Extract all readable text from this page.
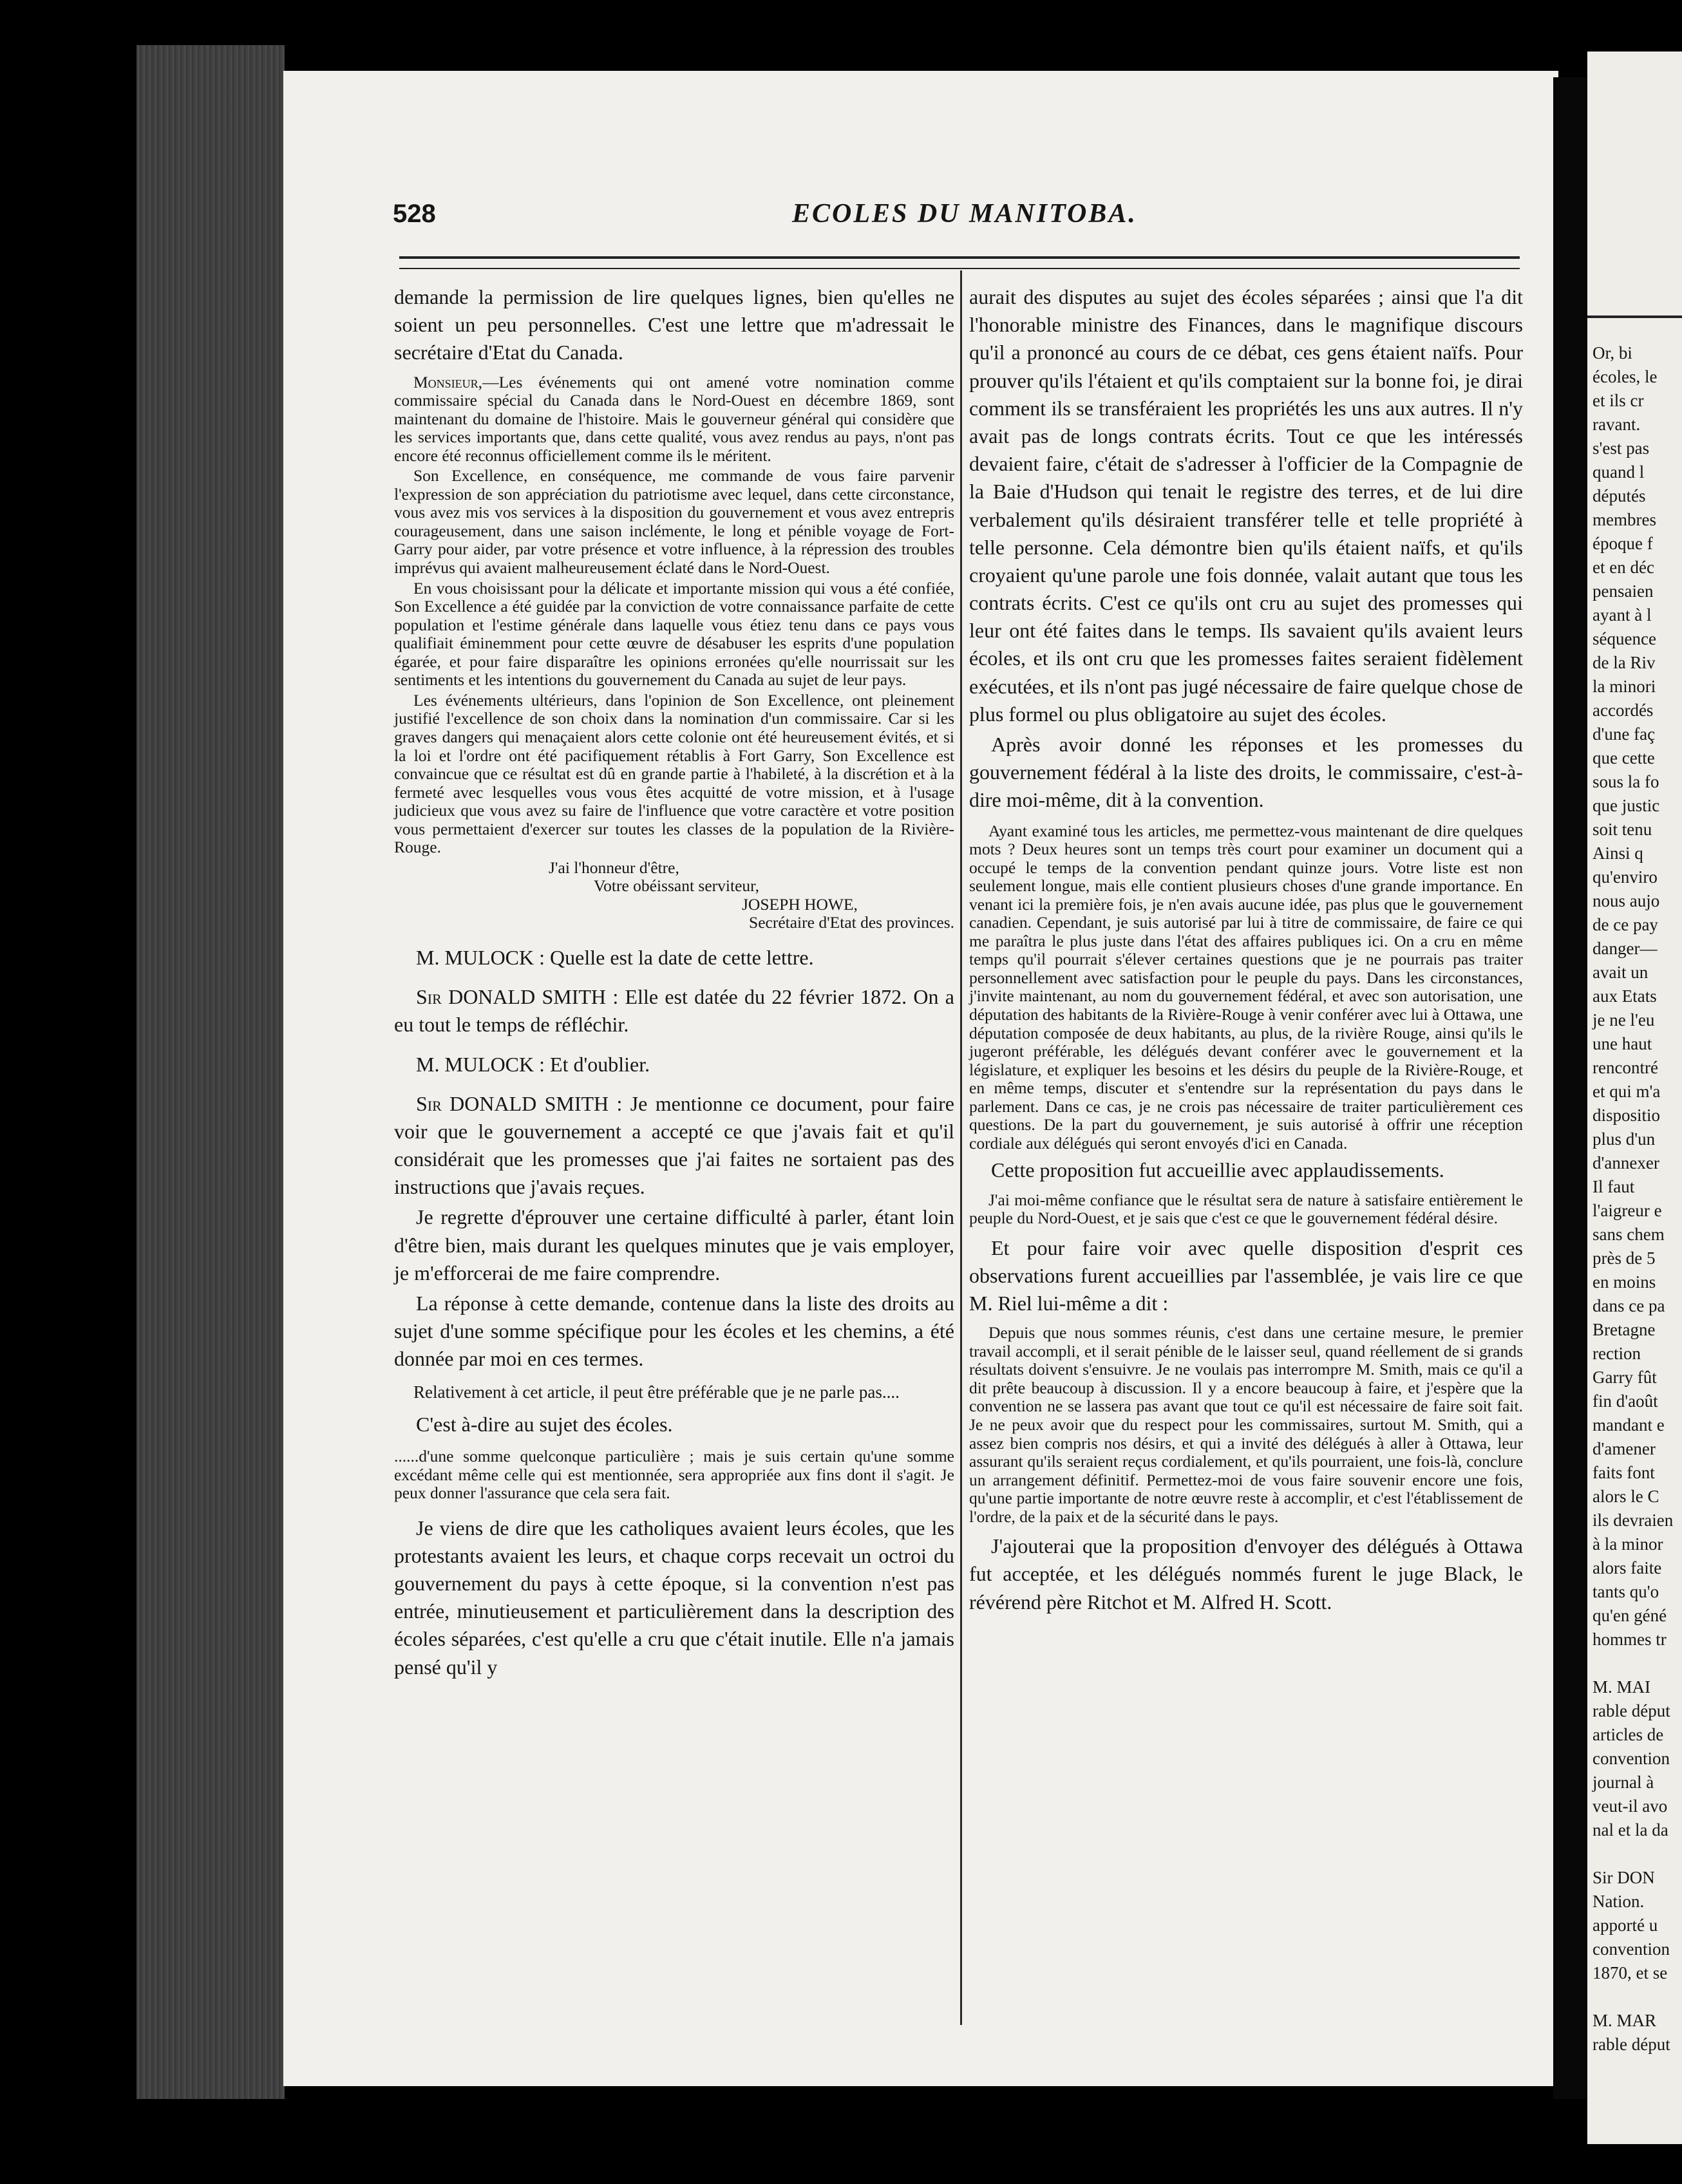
Or, bi
écoles, le
et ils cr
ravant.
s'est pas
quand l
députés
membres
époque f
et en déc
pensaien
ayant à l
séquence
de la Riv
la minori
accordés
d'une faç
que cette
sous la fo
que justic
soit tenu
Ainsi q
qu'enviro
nous aujo
de ce pay
danger—
avait un
aux Etats
je ne l'eu
une haut
rencontré
et qui m'a
dispositio
plus d'un
d'annexer
Il faut
l'aigreur e
sans chem
près de 5
en moins
dans ce pa
Bretagne
rection
Garry fût
fin d'août
mandant e
d'amener
faits font
alors le C
ils devraien
à la minor
alors faite
tants qu'o
qu'en géné
hommes tr
M. MAI
rable déput
articles de
convention
journal à
veut-il avo
nal et la da
Sir DON
Nation.
apporté u
convention
1870, et se
M. MAR
rable déput
528	ECOLES DU MANITOBA.

demande la permission de lire quelques lignes, bien qu'elles ne soient un peu personnelles. C'est une lettre que m'adressait le secrétaire d'Etat du Canada.

Monsieur,—Les événements qui ont amené votre nomination comme commissaire spécial du Canada dans le Nord-Ouest en décembre 1869, sont maintenant du domaine de l'histoire. Mais le gouverneur général qui considère que les services importants que, dans cette qualité, vous avez rendus au pays, n'ont pas encore été reconnus officiellement comme ils le méritent.

Son Excellence, en conséquence, me commande de vous faire parvenir l'expression de son appréciation du patriotisme avec lequel, dans cette circonstance, vous avez mis vos services à la disposition du gouvernement et vous avez entrepris courageusement, dans une saison inclémente, le long et pénible voyage de Fort-Garry pour aider, par votre présence et votre influence, à la répression des troubles imprévus qui avaient malheureusement éclaté dans le Nord-Ouest.

En vous choisissant pour la délicate et importante mission qui vous a été confiée, Son Excellence a été guidée par la conviction de votre connaissance parfaite de cette population et l'estime générale dans laquelle vous étiez tenu dans ce pays vous qualifiait éminemment pour cette œuvre de désabuser les esprits d'une population égarée, et pour faire disparaître les opinions erronées qu'elle nourrissait sur les sentiments et les intentions du gouvernement du Canada au sujet de leur pays.

Les événements ultérieurs, dans l'opinion de Son Excellence, ont pleinement justifié l'excellence de son choix dans la nomination d'un commissaire. Car si les graves dangers qui menaçaient alors cette colonie ont été heureusement évités, et si la loi et l'ordre ont été pacifiquement rétablis à Fort Garry, Son Excellence est convaincue que ce résultat est dû en grande partie à l'habileté, à la discrétion et à la fermeté avec lesquelles vous vous êtes acquitté de votre mission, et à l'usage judicieux que vous avez su faire de l'influence que votre caractère et votre position vous permettaient d'exercer sur toutes les classes de la population de la Rivière-Rouge.

J'ai l'honneur d'être,
Votre obéissant serviteur,
JOSEPH HOWE,
Secrétaire d'Etat des provinces.

M. MULOCK : Quelle est la date de cette lettre.

Sir DONALD SMITH : Elle est datée du 22 février 1872. On a eu tout le temps de réfléchir.

M. MULOCK : Et d'oublier.

Sir DONALD SMITH : Je mentionne ce document, pour faire voir que le gouvernement a accepté ce que j'avais fait et qu'il considérait que les promesses que j'ai faites ne sortaient pas des instructions que j'avais reçues.

Je regrette d'éprouver une certaine difficulté à parler, étant loin d'être bien, mais durant les quelques minutes que je vais employer, je m'efforcerai de me faire comprendre.

La réponse à cette demande, contenue dans la liste des droits au sujet d'une somme spécifique pour les écoles et les chemins, a été donnée par moi en ces termes.

Relativement à cet article, il peut être préférable que je ne parle pas....

C'est à-dire au sujet des écoles.

......d'une somme quelconque particulière ; mais je suis certain qu'une somme excédant même celle qui est mentionnée, sera appropriée aux fins dont il s'agit. Je peux donner l'assurance que cela sera fait.

Je viens de dire que les catholiques avaient leurs écoles, que les protestants avaient les leurs, et chaque corps recevait un octroi du gouvernement du pays à cette époque, si la convention n'est pas entrée, minutieusement et particulièrement dans la description des écoles séparées, c'est qu'elle a cru que c'était inutile. Elle n'a jamais pensé qu'il y

aurait des disputes au sujet des écoles séparées ; ainsi que l'a dit l'honorable ministre des Finances, dans le magnifique discours qu'il a prononcé au cours de ce débat, ces gens étaient naïfs. Pour prouver qu'ils l'étaient et qu'ils comptaient sur la bonne foi, je dirai comment ils se transféraient les propriétés les uns aux autres. Il n'y avait pas de longs contrats écrits. Tout ce que les intéressés devaient faire, c'était de s'adresser à l'officier de la Compagnie de la Baie d'Hudson qui tenait le registre des terres, et de lui dire verbalement qu'ils désiraient transférer telle et telle propriété à telle personne. Cela démontre bien qu'ils étaient naïfs, et qu'ils croyaient qu'une parole une fois donnée, valait autant que tous les contrats écrits. C'est ce qu'ils ont cru au sujet des promesses qui leur ont été faites dans le temps. Ils savaient qu'ils avaient leurs écoles, et ils ont cru que les promesses faites seraient fidèlement exécutées, et ils n'ont pas jugé nécessaire de faire quelque chose de plus formel ou plus obligatoire au sujet des écoles.

Après avoir donné les réponses et les promesses du gouvernement fédéral à la liste des droits, le commissaire, c'est-à-dire moi-même, dit à la convention.

Ayant examiné tous les articles, me permettez-vous maintenant de dire quelques mots ? Deux heures sont un temps très court pour examiner un document qui a occupé le temps de la convention pendant quinze jours. Votre liste est non seulement longue, mais elle contient plusieurs choses d'une grande importance. En venant ici la première fois, je n'en avais aucune idée, pas plus que le gouvernement canadien. Cependant, je suis autorisé par lui à titre de commissaire, de faire ce qui me paraîtra le plus juste dans l'état des affaires publiques ici. On a cru en même temps qu'il pourrait s'élever certaines questions que je ne pourrais pas traiter personnellement avec satisfaction pour le peuple du pays. Dans les circonstances, j'invite maintenant, au nom du gouvernement fédéral, et avec son autorisation, une députation des habitants de la Rivière-Rouge à venir conférer avec lui à Ottawa, une députation composée de deux habitants, au plus, de la rivière Rouge, ainsi qu'ils le jugeront préférable, les délégués devant conférer avec le gouvernement et la législature, et expliquer les besoins et les désirs du peuple de la Rivière-Rouge, et en même temps, discuter et s'entendre sur la représentation du pays dans le parlement. Dans ce cas, je ne crois pas nécessaire de traiter particulièrement ces questions. De la part du gouvernement, je suis autorisé à offrir une réception cordiale aux délégués qui seront envoyés d'ici en Canada.

Cette proposition fut accueillie avec applaudissements.

J'ai moi-même confiance que le résultat sera de nature à satisfaire entièrement le peuple du Nord-Ouest, et je sais que c'est ce que le gouvernement fédéral désire.

Et pour faire voir avec quelle disposition d'esprit ces observations furent accueillies par l'assemblée, je vais lire ce que M. Riel lui-même a dit :

Depuis que nous sommes réunis, c'est dans une certaine mesure, le premier travail accompli, et il serait pénible de le laisser seul, quand réellement de si grands résultats doivent s'ensuivre. Je ne voulais pas interrompre M. Smith, mais ce qu'il a dit prête beaucoup à discussion. Il y a encore beaucoup à faire, et j'espère que la convention ne se lassera pas avant que tout ce qu'il est nécessaire de faire soit fait. Je ne peux avoir que du respect pour les commissaires, surtout M. Smith, qui a assez bien compris nos désirs, et qui a invité des délégués à aller à Ottawa, leur assurant qu'ils seraient reçus cordialement, et qu'ils pourraient, une fois-là, conclure un arrangement définitif. Permettez-moi de vous faire souvenir encore une fois, qu'une partie importante de notre œuvre reste à accomplir, et c'est l'établissement de l'ordre, de la paix et de la sécurité dans le pays.

J'ajouterai que la proposition d'envoyer des délégués à Ottawa fut acceptée, et les délégués nommés furent le juge Black, le révérend père Ritchot et M. Alfred H. Scott.
